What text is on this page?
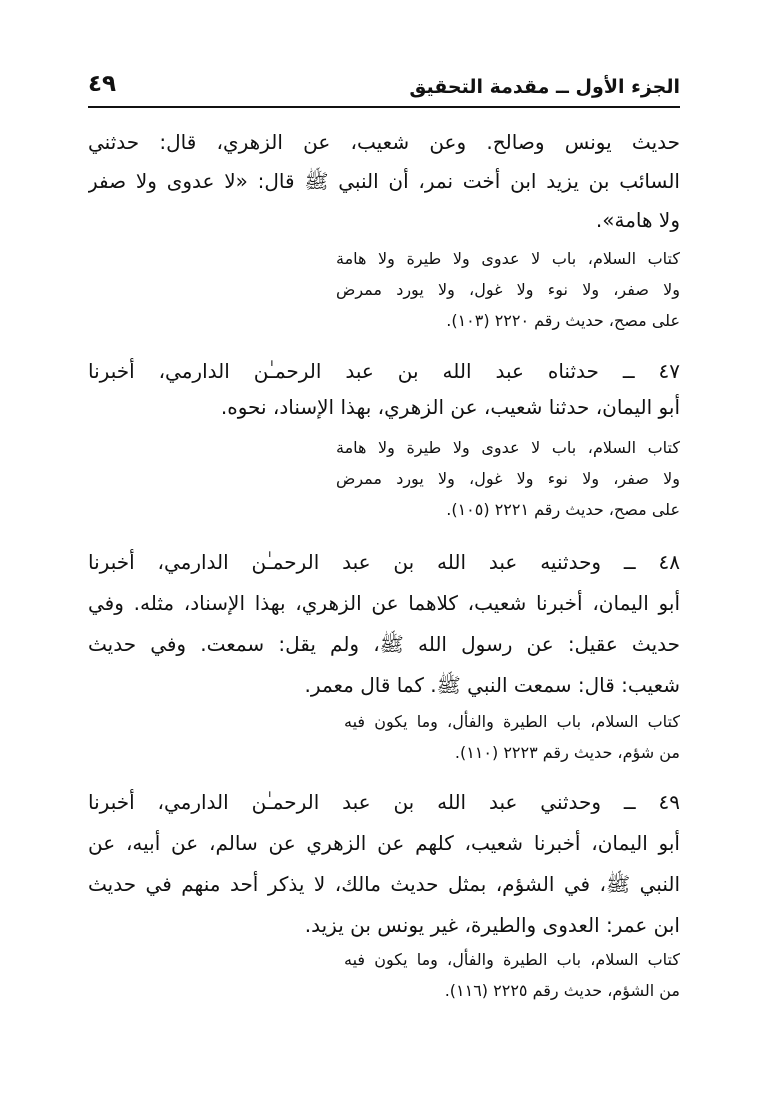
الجزء الأول ــ مقدمة التحقيق
٤٩
حديث يونس وصالح. وعن شعيب، عن الزهري، قال: حدثني
السائب بن يزيد ابن أخت نمر، أن النبي ﷺ قال: «لا عدوى ولا صفر
ولا هامة».
كتاب السلام، باب لا عدوى ولا طيرة ولا هامة
ولا صفر، ولا نوء ولا غول، ولا يورد ممرض
على مصح، حديث رقم ٢٢٢٠ (١٠٣).
٤٧ ــ حدثناه عبد الله بن عبد الرحمـٰن الدارمي، أخبرنا
أبو اليمان، حدثنا شعيب، عن الزهري، بهذا الإسناد، نحوه.
كتاب السلام، باب لا عدوى ولا طيرة ولا هامة
ولا صفر، ولا نوء ولا غول، ولا يورد ممرض
على مصح، حديث رقم ٢٢٢١ (١٠٥).
٤٨ ــ وحدثنيه عبد الله بن عبد الرحمـٰن الدارمي، أخبرنا
أبو اليمان، أخبرنا شعيب، كلاهما عن الزهري، بهذا الإسناد، مثله. وفي
حديث عقيل: عن رسول الله ﷺ، ولم يقل: سمعت. وفي حديث
شعيب: قال: سمعت النبي ﷺ. كما قال معمر.
كتاب السلام، باب الطيرة والفأل، وما يكون فيه
من شؤم، حديث رقم ٢٢٢٣ (١١٠).
٤٩ ــ وحدثني عبد الله بن عبد الرحمـٰن الدارمي، أخبرنا
أبو اليمان، أخبرنا شعيب، كلهم عن الزهري عن سالم، عن أبيه، عن
النبي ﷺ، في الشؤم، بمثل حديث مالك، لا يذكر أحد منهم في حديث
ابن عمر: العدوى والطيرة، غير يونس بن يزيد.
كتاب السلام، باب الطيرة والفأل، وما يكون فيه
من الشؤم، حديث رقم ٢٢٢٥ (١١٦).
